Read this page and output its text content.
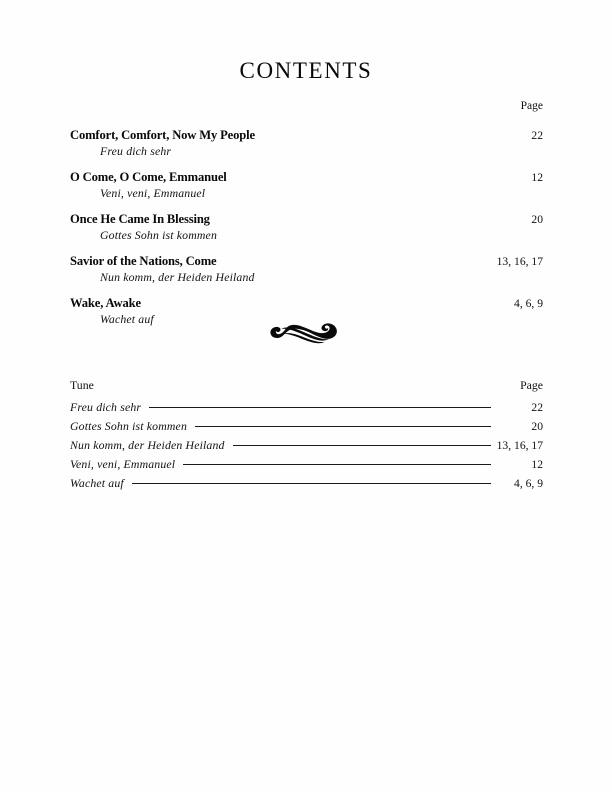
CONTENTS
Page
Comfort, Comfort, Now My People	22
Freu dich sehr
O Come, O Come, Emmanuel	12
Veni, veni, Emmanuel
Once He Came In Blessing	20
Gottes Sohn ist kommen
Savior of the Nations, Come	13, 16, 17
Nun komm, der Heiden Heiland
Wake, Awake	4, 6, 9
Wachet auf
Tune	Page
Freu dich sehr	22
Gottes Sohn ist kommen	20
Nun komm, der Heiden Heiland	13, 16, 17
Veni, veni, Emmanuel	12
Wachet auf	4, 6, 9
